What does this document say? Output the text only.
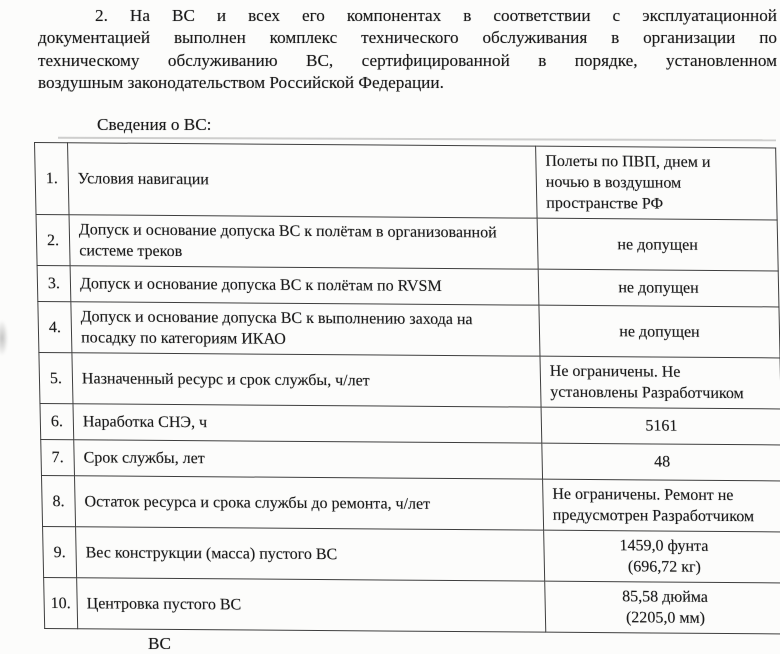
2. На ВС и всех его компонентах в соответствии с эксплуатационной
документацией выполнен комплекс технического обслуживания в организации по
техническому обслуживанию ВС, сертифицированной в порядке, установленном
воздушным законодательством Российской Федерации.
Сведения о ВС:
1.	Условия навигации	Полеты по ПВП, днем и
ночью в воздушном
пространстве РФ
2.	Допуск и основание допуска ВС к полётам в организованной системе треков	не допущен
3.	Допуск и основание допуска ВС к полётам по RVSM	не допущен
4.	Допуск и основание допуска ВС к выполнению захода на посадку по категориям ИКАО	не допущен
5.	Назначенный ресурс и срок службы, ч/лет	Не ограничены. Не
установлены Разработчиком
6.	Наработка СНЭ, ч	5161
7.	Срок службы, лет	48
8.	Остаток ресурса и срока службы до ремонта, ч/лет	Не ограничены. Ремонт не
предусмотрен Разработчиком
9.	Вес конструкции (масса) пустого ВС	1459,0 фунта
(696,72 кг)
10.	Центровка пустого ВС	85,58 дюйма
(2205,0 мм)
ВС
